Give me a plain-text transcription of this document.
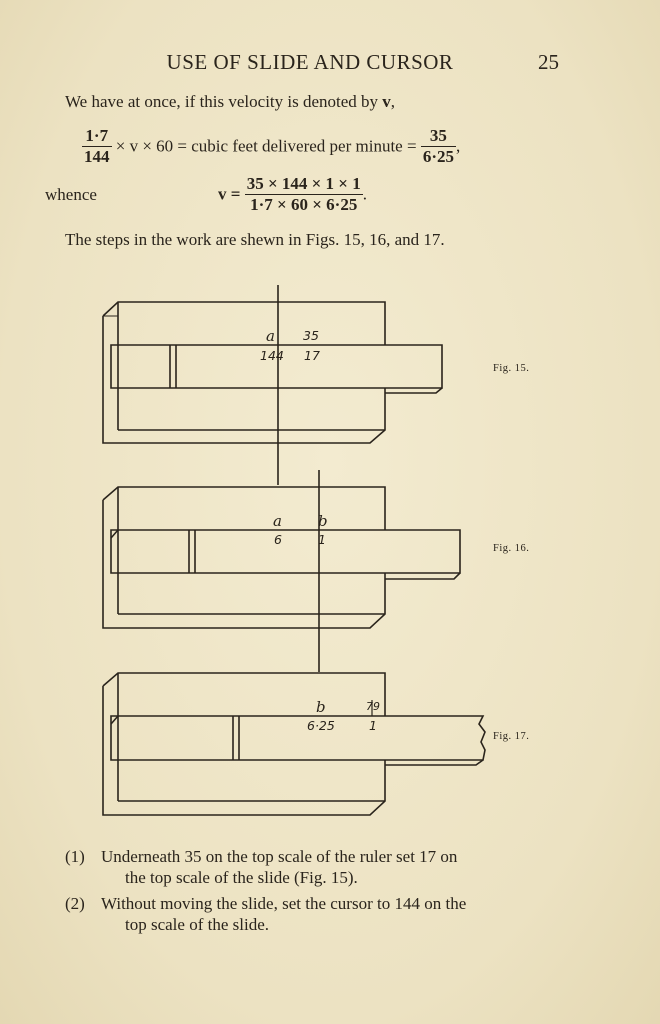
USE OF SLIDE AND CURSOR	25
We have at once, if this velocity is denoted by v,
$\frac{1\cdot 7}{144} \times v \times 60$ = cubic feet delivered per minute = $\frac{35}{6\cdot 25}$ ,
whence	$v = \frac{35 \times 144 \times 1 \times 1}{1\cdot 7 \times 60 \times 6\cdot 25}$ .
The steps in the work are shewn in Figs. 15, 16, and 17.
a 35
144 17
Fig. 15.
a b
6	1
Fig. 16.
b	79
6·25	1
Fig. 17.
(1) Underneath 35 on the top scale of the ruler set 17 on
the top scale of the slide (Fig. 15).
(2) Without moving the slide, set the cursor to 144 on the
top scale of the slide.
